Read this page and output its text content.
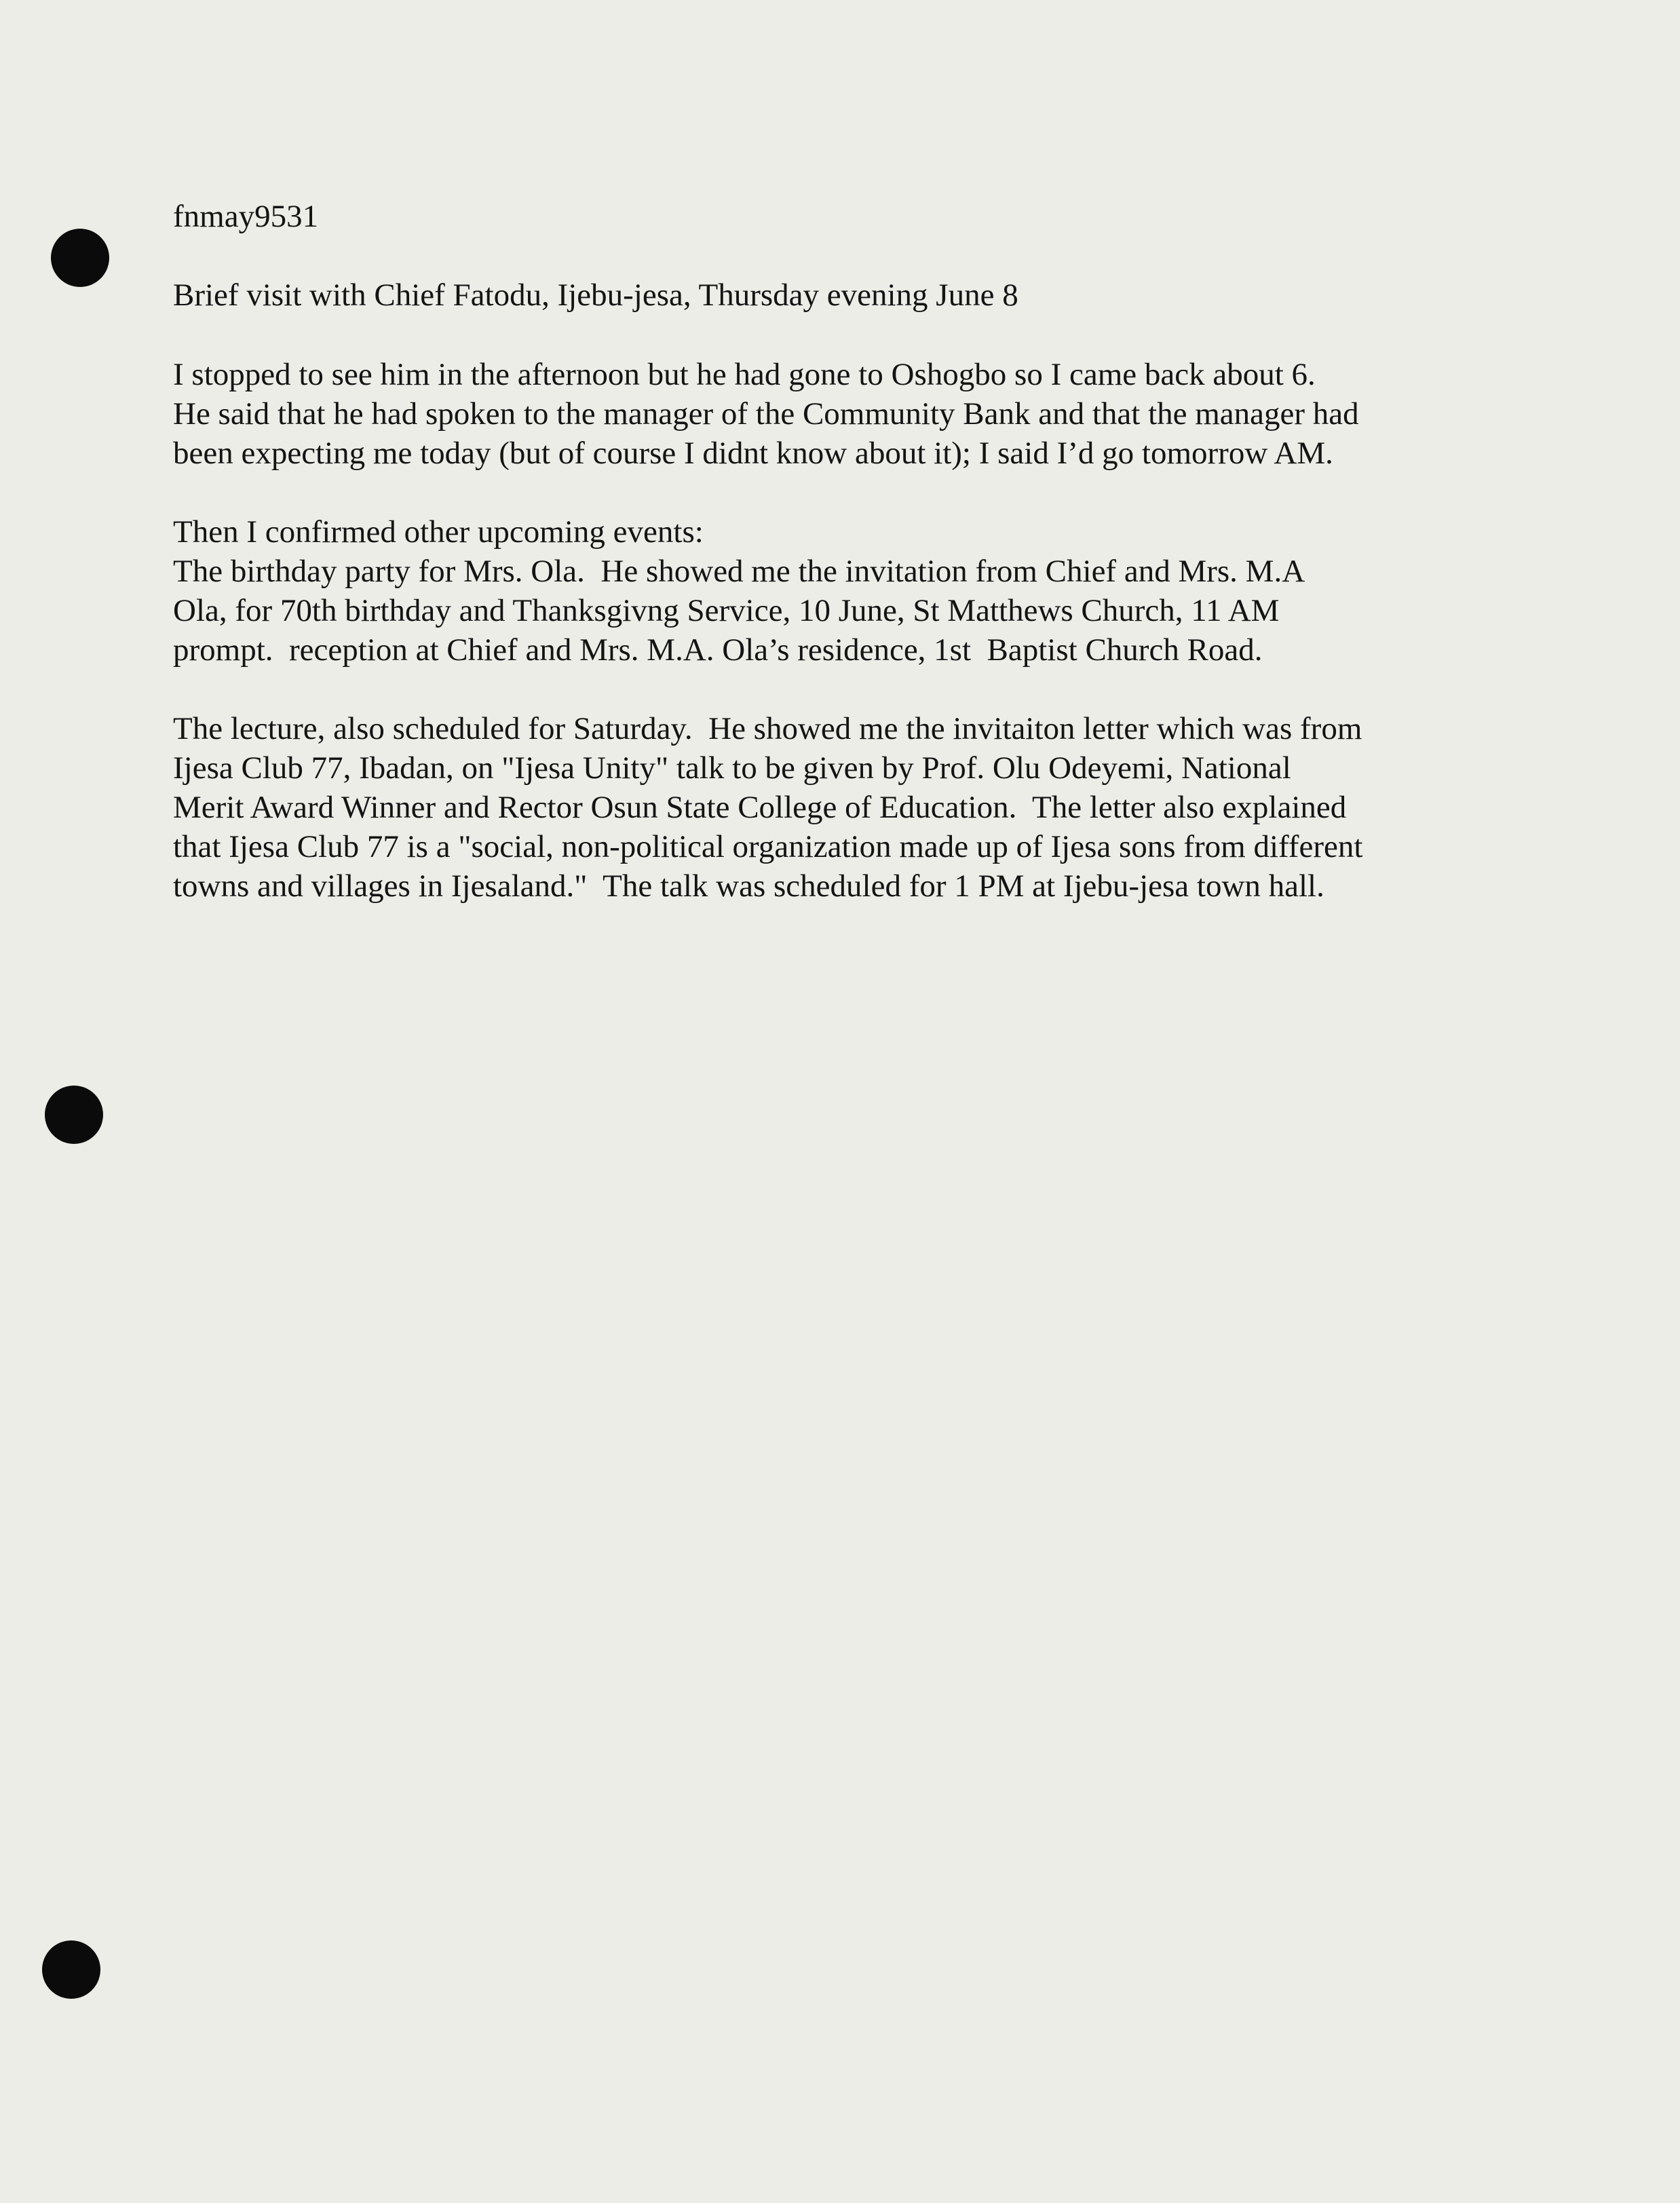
fnmay9531
Brief visit with Chief Fatodu, Ijebu-jesa, Thursday evening June 8
I stopped to see him in the afternoon but he had gone to Oshogbo so I came back about 6.
He said that he had spoken to the manager of the Community Bank and that the manager had
been expecting me today (but of course I didnt know about it); I said I’d go tomorrow AM.
Then I confirmed other upcoming events:
The birthday party for Mrs. Ola.  He showed me the invitation from Chief and Mrs. M.A
Ola, for 70th birthday and Thanksgivng Service, 10 June, St Matthews Church, 11 AM
prompt.  reception at Chief and Mrs. M.A. Ola’s residence, 1st  Baptist Church Road.
The lecture, also scheduled for Saturday.  He showed me the invitaiton letter which was from
Ijesa Club 77, Ibadan, on "Ijesa Unity" talk to be given by Prof. Olu Odeyemi, National
Merit Award Winner and Rector Osun State College of Education.  The letter also explained
that Ijesa Club 77 is a "social, non-political organization made up of Ijesa sons from different
towns and villages in Ijesaland."  The talk was scheduled for 1 PM at Ijebu-jesa town hall.
